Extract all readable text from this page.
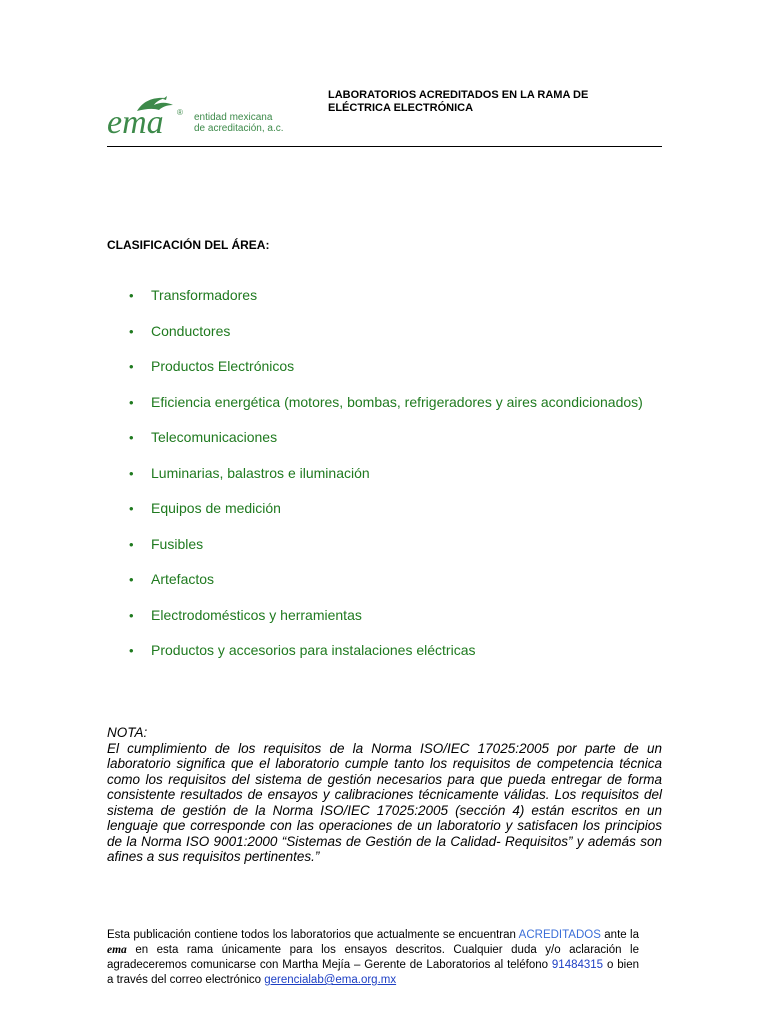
ema ® entidad mexicana
de acreditación, a.c.
LABORATORIOS ACREDITADOS EN LA RAMA DE
ELÉCTRICA ELECTRÓNICA
CLASIFICACIÓN DEL ÁREA:
• Transformadores
• Conductores
• Productos Electrónicos
• Eficiencia energética (motores, bombas, refrigeradores y aires acondicionados)
• Telecomunicaciones
• Luminarias, balastros e iluminación
• Equipos de medición
• Fusibles
• Artefactos
• Electrodomésticos y herramientas
• Productos y accesorios para instalaciones eléctricas
NOTA:
El cumplimiento de los requisitos de la Norma ISO/IEC 17025:2005 por parte de un laboratorio significa que el laboratorio cumple tanto los requisitos de competencia técnica como los requisitos del sistema de gestión necesarios para que pueda entregar de forma consistente resultados de ensayos y calibraciones técnicamente válidas. Los requisitos del sistema de gestión de la Norma ISO/IEC 17025:2005 (sección 4) están escritos en un lenguaje que corresponde con las operaciones de un laboratorio y satisfacen los principios de la Norma ISO 9001:2000 “Sistemas de Gestión de la Calidad- Requisitos” y además son afines a sus requisitos pertinentes.”
Esta publicación contiene todos los laboratorios que actualmente se encuentran ACREDITADOS ante la ema en esta rama únicamente para los ensayos descritos. Cualquier duda y/o aclaración le agradeceremos comunicarse con Martha Mejía – Gerente de Laboratorios al teléfono 91484315 o bien a través del correo electrónico gerencialab@ema.org.mx
